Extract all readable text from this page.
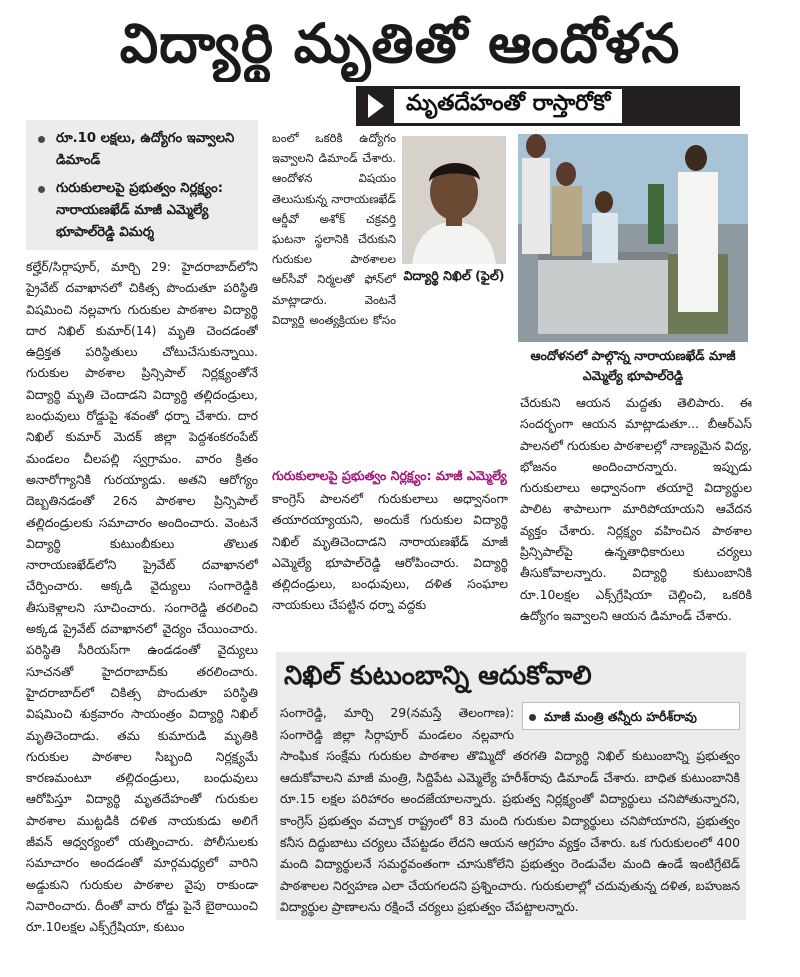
విద్యార్థి మృతితో ఆందోళన
మృతదేహంతో రాస్తారోకో
రూ.10 లక్షలు, ఉద్యోగం ఇవ్వాలని డిమాండ్
గురుకులాలపై ప్రభుత్వం నిర్లక్ష్యం: నారాయణఖేడ్ మాజీ ఎమ్మెల్యే భూపాల్‌రెడ్డి విమర్శ

కల్హేర్/సిర్గాపూర్, మార్చి 29: హైదరాబాద్‌లోని ప్రైవేట్ దవాఖానలో చికిత్స పొందుతూ పరిస్థితి విషమించి నల్లవాగు గురుకుల పాఠశాల విద్యార్థి దార నిఖిల్ కుమార్(14) మృతి చెందడంతో ఉద్రిక్తత పరిస్థితులు చోటుచేసుకున్నాయి. గురుకుల పాఠశాల ప్రిన్సిపాల్ నిర్లక్ష్యంతోనే విద్యార్థి మృతి చెందాడని విద్యార్థి తల్లిదండ్రులు, బంధువులు రోడ్డుపై శవంతో ధర్నా చేశారు. దార నిఖిల్ కుమార్ మెదక్ జిల్లా పెద్దశంకరంపేట్ మండలం చీలపల్లి స్వగ్రామం. వారం క్రితం అనారోగ్యానికి గురయ్యాడు. అతని ఆరోగ్యం దెబ్బతినడంతో 26న పాఠశాల ప్రిన్సిపాల్ తల్లిదండ్రులకు సమాచారం అందించారు. వెంటనే విద్యార్థి కుటుంబీకులు తొలుత నారాయణఖేడ్‌లోని ప్రైవేట్ దవాఖానలో చేర్పించారు. అక్కడి వైద్యులు సంగారెడ్డికి తీసుకెళ్లాలని సూచించారు. సంగారెడ్డి తరలించి అక్కడ ప్రైవేట్ దవాఖానలో వైద్యం చేయించారు. పరిస్థితి సీరియస్‌గా ఉండడంతో వైద్యులు సూచనతో హైదరాబాద్‌కు తరలించారు. హైదరాబాద్‌లో చికిత్స పొందుతూ పరిస్థితి విషమించి శుక్రవారం సాయంత్రం విద్యార్థి నిఖిల్ మృతిచెందాడు. తమ కుమారుడి మృతికి గురుకుల పాఠశాల సిబ్బంది నిర్లక్ష్యమే కారణమంటూ తల్లిదండ్రులు, బంధువులు ఆరోపిస్తూ విద్యార్థి మృతదేహంతో గురుకుల పాఠశాల ముట్టడికి దళిత నాయకుడు అలిగే జీవన్ ఆధ్వర్యంలో యత్నించారు. పోలీసులకు సమాచారం అందడంతో మార్గమధ్యలో వారిని అడ్డుకుని గురుకుల పాఠశాల వైపు రాకుండా నివారించారు. దీంతో వారు రోడ్డు పైనే బైఠాయించి రూ.10లక్షల ఎక్స్‌గ్రేషియా, కుటుం

బంలో ఒకరికి ఉద్యోగం ఇవ్వాలని డిమాండ్ చేశారు. ఆందోళన విషయం తెలుసుకున్న నారాయణఖేడ్ ఆర్డీవో అశోక్ చక్రవర్తి ఘటనా స్థలానికి చేరుకుని గురుకుల పాఠశాలల ఆర్‌సీవో నిర్మలతో ఫోన్‌లో మాట్లాడారు. వెంటనే విద్యార్థి అంత్యక్రియల కోసం

విద్యార్థి నిఖిల్ (ఫైల్)
ఆందోళనలో పాల్గొన్న నారాయణఖేడ్ మాజీ ఎమ్మెల్యే భూపాల్‌రెడ్డి

గురుకులాలపై ప్రభుత్వం నిర్లక్ష్యం: మాజీ ఎమ్మెల్యే

కాంగ్రెస్ పాలనలో గురుకులాలు అధ్వానంగా తయారయ్యాయని, అందుకే గురుకుల విద్యార్థి నిఖిల్ మృతిచెందాడని నారాయణఖేడ్ మాజీ ఎమ్మెల్యే భూపాల్‌రెడ్డి ఆరోపించారు. విద్యార్థి తల్లిదండ్రులు, బంధువులు, దళిత సంఘాల నాయకులు చేపట్టిన ధర్నా వద్దకు

చేరుకుని ఆయన మద్దతు తెలిపారు. ఈ సందర్భంగా ఆయన మాట్లాడుతూ... బీఆర్‌ఎస్ పాలనలో గురుకుల పాఠశాలల్లో నాణ్యమైన విద్య, భోజనం అందించారన్నారు. ఇప్పుడు గురుకులాలు అధ్వానంగా తయారై విద్యార్థుల పాలిట శాపాలుగా మారిపోయాయని ఆవేదన వ్యక్తం చేశారు. నిర్లక్ష్యం వహించిన పాఠశాల ప్రిన్సిపాల్‌పై ఉన్నతాధికారులు చర్యలు తీసుకోవాలన్నారు. విద్యార్థి కుటుంబానికి రూ.10లక్షల ఎక్స్‌గ్రేషియా చెల్లించి, ఒకరికి ఉద్యోగం ఇవ్వాలని ఆయన డిమాండ్ చేశారు.

నిఖిల్ కుటుంబాన్ని ఆదుకోవాలి
మాజీ మంత్రి తన్నీరు హరీశ్‌రావు
సంగారెడ్డి, మార్చి 29(నమస్తే తెలంగాణ): సంగారెడ్డి జిల్లా సిర్గాపూర్ మండలం నల్లవాగు సాంఘిక సంక్షేమ గురుకుల పాఠశాల తొమ్మిదో తరగతి విద్యార్థి నిఖిల్ కుటుంబాన్ని ప్రభుత్వం ఆదుకోవాలని మాజీ మంత్రి, సిద్దిపేట ఎమ్మెల్యే హరీశ్‌రావు డిమాండ్ చేశారు. బాధిత కుటుంబానికి రూ.15 లక్షల పరిహారం అందజేయాలన్నారు. ప్రభుత్వ నిర్లక్ష్యంతో విద్యార్థులు చనిపోతున్నారని, కాంగ్రెస్ ప్రభుత్వం వచ్చాక రాష్ట్రంలో 83 మంది గురుకుల విద్యార్థులు చనిపోయారని, ప్రభుత్వం కనీస దిద్దుబాటు చర్యలు చేపట్టడం లేదని ఆయన ఆగ్రహం వ్యక్తం చేశారు. ఒక గురుకులంలో 400 మంది విద్యార్థులనే సమర్థవంతంగా చూసుకోలేని ప్రభుత్వం రెండువేల మంది ఉండే ఇంటిగ్రేటెడ్ పాఠశాలల నిర్వహణ ఎలా చేయగలదని ప్రశ్నించారు. గురుకులాల్లో చదువుతున్న దళిత, బహుజన విద్యార్థుల ప్రాణాలను రక్షించే చర్యలు ప్రభుత్వం చేపట్టాలన్నారు.
